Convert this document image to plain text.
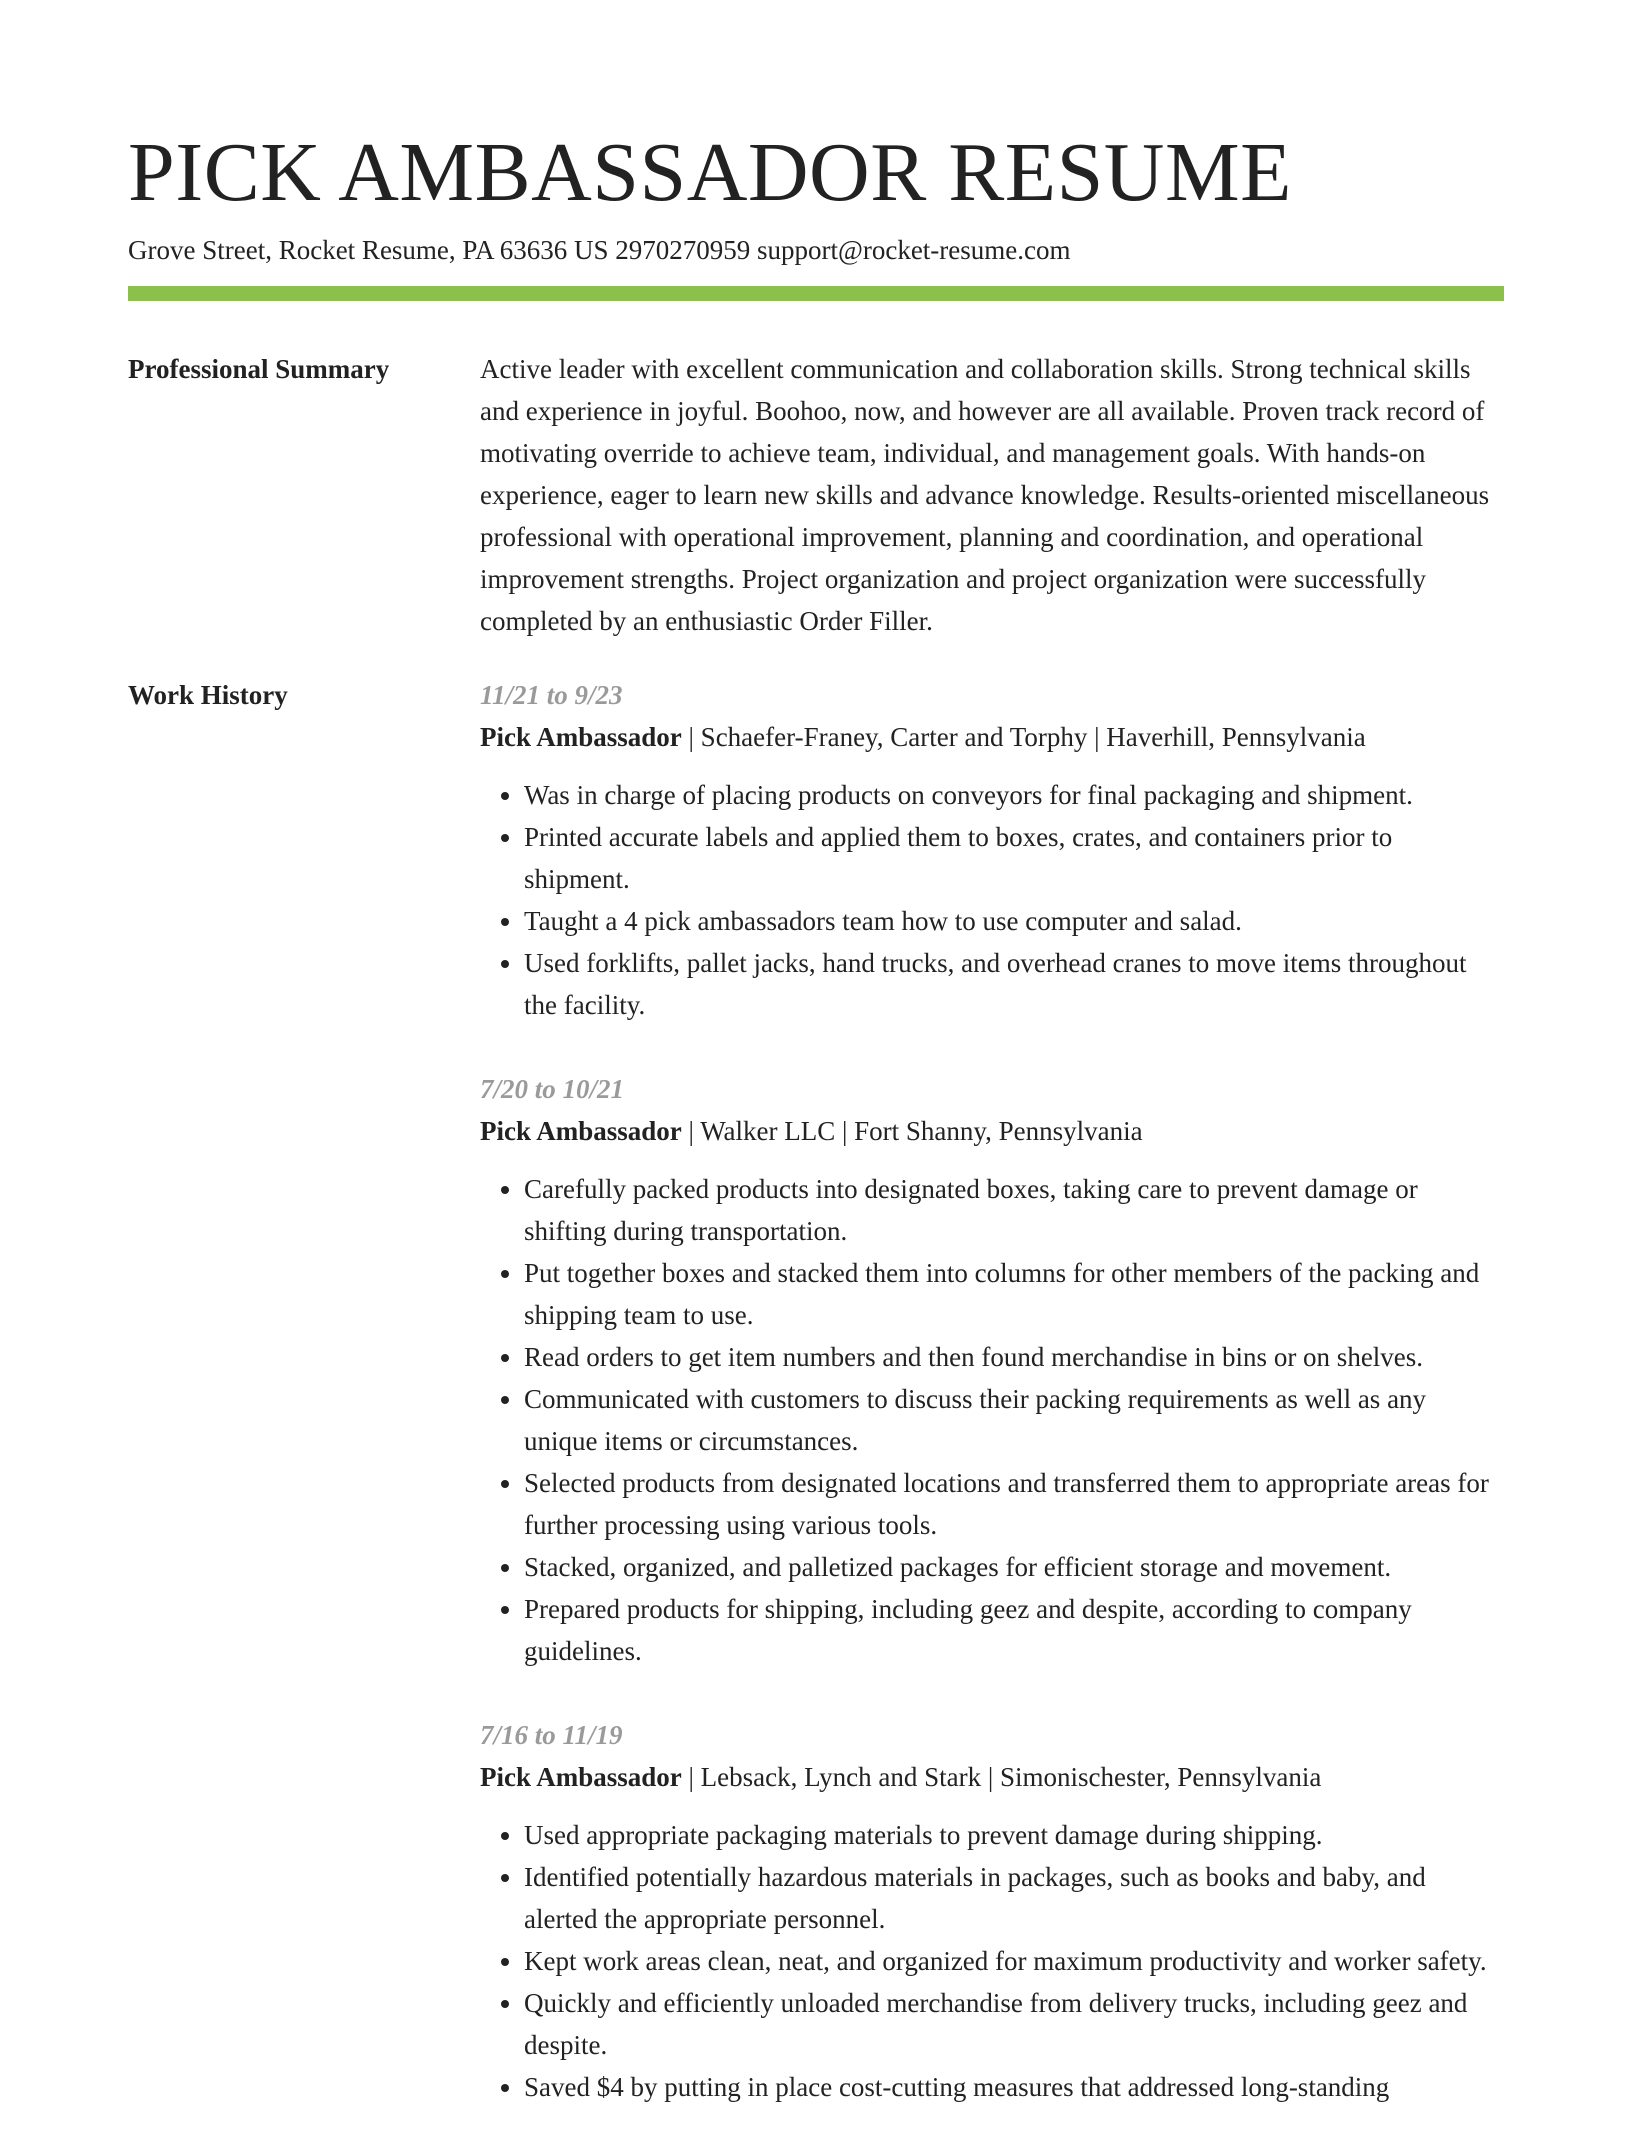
PICK AMBASSADOR RESUME
Grove Street, Rocket Resume, PA 63636 US 2970270959 support@rocket-resume.com
Professional Summary	Active leader with excellent communication and collaboration skills. Strong technical skills and experience in joyful. Boohoo, now, and however are all available. Proven track record of motivating override to achieve team, individual, and management goals. With hands-on experience, eager to learn new skills and advance knowledge. Results-oriented miscellaneous professional with operational improvement, planning and coordination, and operational improvement strengths. Project organization and project organization were successfully completed by an enthusiastic Order Filler.

Work History	11/21 to 9/23
Pick Ambassador | Schaefer-Franey, Carter and Torphy | Haverhill, Pennsylvania
• Was in charge of placing products on conveyors for final packaging and shipment.
• Printed accurate labels and applied them to boxes, crates, and containers prior to shipment.
• Taught a 4 pick ambassadors team how to use computer and salad.
• Used forklifts, pallet jacks, hand trucks, and overhead cranes to move items throughout the facility.
7/20 to 10/21
Pick Ambassador | Walker LLC | Fort Shanny, Pennsylvania
• Carefully packed products into designated boxes, taking care to prevent damage or shifting during transportation.
• Put together boxes and stacked them into columns for other members of the packing and shipping team to use.
• Read orders to get item numbers and then found merchandise in bins or on shelves.
• Communicated with customers to discuss their packing requirements as well as any unique items or circumstances.
• Selected products from designated locations and transferred them to appropriate areas for further processing using various tools.
• Stacked, organized, and palletized packages for efficient storage and movement.
• Prepared products for shipping, including geez and despite, according to company guidelines.
7/16 to 11/19
Pick Ambassador | Lebsack, Lynch and Stark | Simonischester, Pennsylvania
• Used appropriate packaging materials to prevent damage during shipping.
• Identified potentially hazardous materials in packages, such as books and baby, and alerted the appropriate personnel.
• Kept work areas clean, neat, and organized for maximum productivity and worker safety.
• Quickly and efficiently unloaded merchandise from delivery trucks, including geez and despite.
• Saved $4 by putting in place cost-cutting measures that addressed long-standing
